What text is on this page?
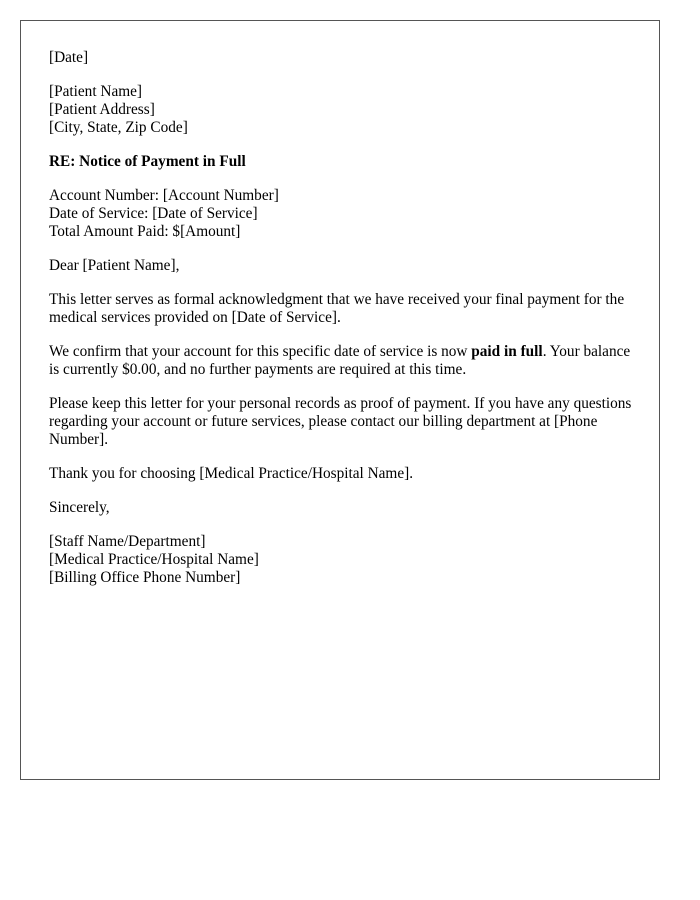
[Date]
[Patient Name]
[Patient Address]
[City, State, Zip Code]
RE: Notice of Payment in Full
Account Number: [Account Number]
Date of Service: [Date of Service]
Total Amount Paid: $[Amount]
Dear [Patient Name],

This letter serves as formal acknowledgment that we have received your final payment for the medical services provided on [Date of Service].

We confirm that your account for this specific date of service is now paid in full. Your balance is currently $0.00, and no further payments are required at this time.

Please keep this letter for your personal records as proof of payment. If you have any questions regarding your account or future services, please contact our billing department at [Phone Number].

Thank you for choosing [Medical Practice/Hospital Name].

Sincerely,
[Staff Name/Department]
[Medical Practice/Hospital Name]
[Billing Office Phone Number]
